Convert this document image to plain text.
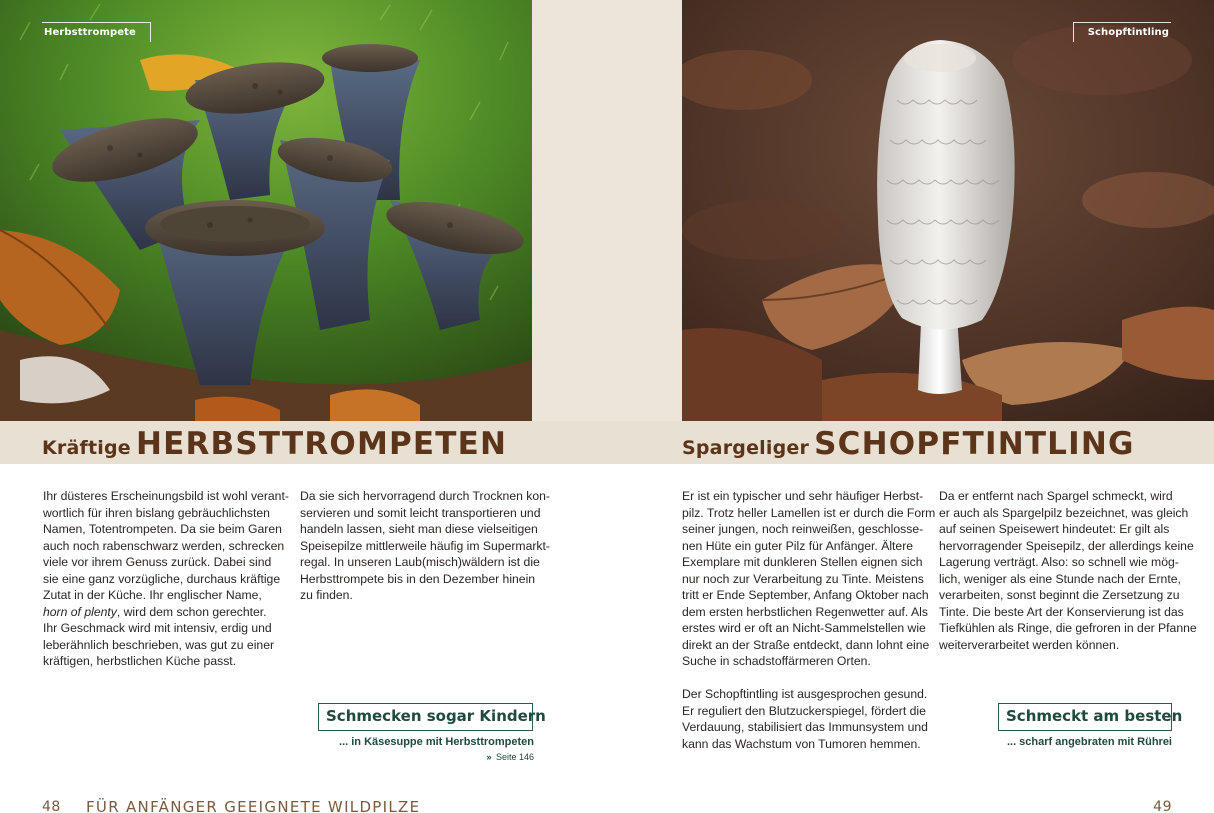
Herbsttrompete	Schopftintling
Kräftige HERBSTTROMPETEN	Spargeliger SCHOPFTINTLING

Ihr düsteres Erscheinungsbild ist wohl verant-
wortlich für ihren bislang gebräuchlichsten
Namen, Totentrompeten. Da sie beim Garen
auch noch rabenschwarz werden, schrecken
viele vor ihrem Genuss zurück. Dabei sind
sie eine ganz vorzügliche, durchaus kräftige
Zutat in der Küche. Ihr englischer Name,
horn of plenty, wird dem schon gerechter.
Ihr Geschmack wird mit intensiv, erdig und
leberähnlich beschrieben, was gut zu einer
kräftigen, herbstlichen Küche passt.

Da sie sich hervorragend durch Trocknen kon-
servieren und somit leicht transportieren und
handeln lassen, sieht man diese vielseitigen
Speisepilze mittlerweile häufig im Supermarkt-
regal. In unseren Laub(misch)wäldern ist die
Herbsttrompete bis in den Dezember hinein
zu finden.

Er ist ein typischer und sehr häufiger Herbst-
pilz. Trotz heller Lamellen ist er durch die Form
seiner jungen, noch reinweißen, geschlosse-
nen Hüte ein guter Pilz für Anfänger. Ältere
Exemplare mit dunkleren Stellen eignen sich
nur noch zur Verarbeitung zu Tinte. Meistens
tritt er Ende September, Anfang Oktober nach
dem ersten herbstlichen Regenwetter auf. Als
erstes wird er oft an Nicht-Sammelstellen wie
direkt an der Straße entdeckt, dann lohnt eine
Suche in schadstoffärmeren Orten.

Der Schopftintling ist ausgesprochen gesund.
Er reguliert den Blutzuckerspiegel, fördert die
Verdauung, stabilisiert das Immunsystem und
kann das Wachstum von Tumoren hemmen.

Da er entfernt nach Spargel schmeckt, wird
er auch als Spargelpilz bezeichnet, was gleich
auf seinen Speisewert hindeutet: Er gilt als
hervorragender Speisepilz, der allerdings keine
Lagerung verträgt. Also: so schnell wie mög-
lich, weniger als eine Stunde nach der Ernte,
verarbeiten, sonst beginnt die Zersetzung zu
Tinte. Die beste Art der Konservierung ist das
Tiefkühlen als Ringe, die gefroren in der Pfanne
weiterverarbeitet werden können.

Schmecken sogar Kindern
... in Käsesuppe mit Herbsttrompeten
» Seite 146
Schmeckt am besten
... scharf angebraten mit Rührei
48 FÜR ANFÄNGER GEEIGNETE WILDPILZE	49
